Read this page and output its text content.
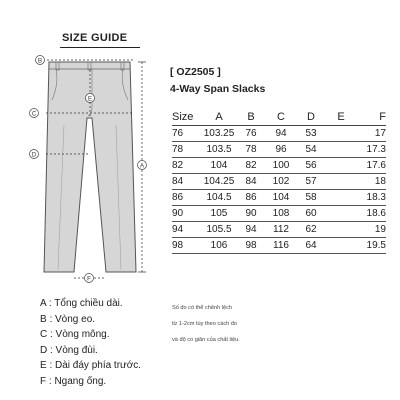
SIZE GUIDE
B
C
D
E
A
F
[ OZ2505 ]
4-Way Span Slacks
Size	A	B	C	D	E	F
76	103.25	76	94	53		17
78	103.5	78	96	54		17.3
82	104	82	100	56		17.6
84	104.25	84	102	57		18
86	104.5	86	104	58		18.3
90	105	90	108	60		18.6
94	105.5	94	112	62		19
98	106	98	116	64		19.5
A : Tổng chiều dài.
B : Vòng eo.
C : Vòng mông.
D : Vòng đùi.
E : Dài đáy phía trước.
F : Ngang ống.
Số đo có thể chênh lệch
từ 1-2cm tùy theo cách đo
và độ co giãn của chất liệu.
